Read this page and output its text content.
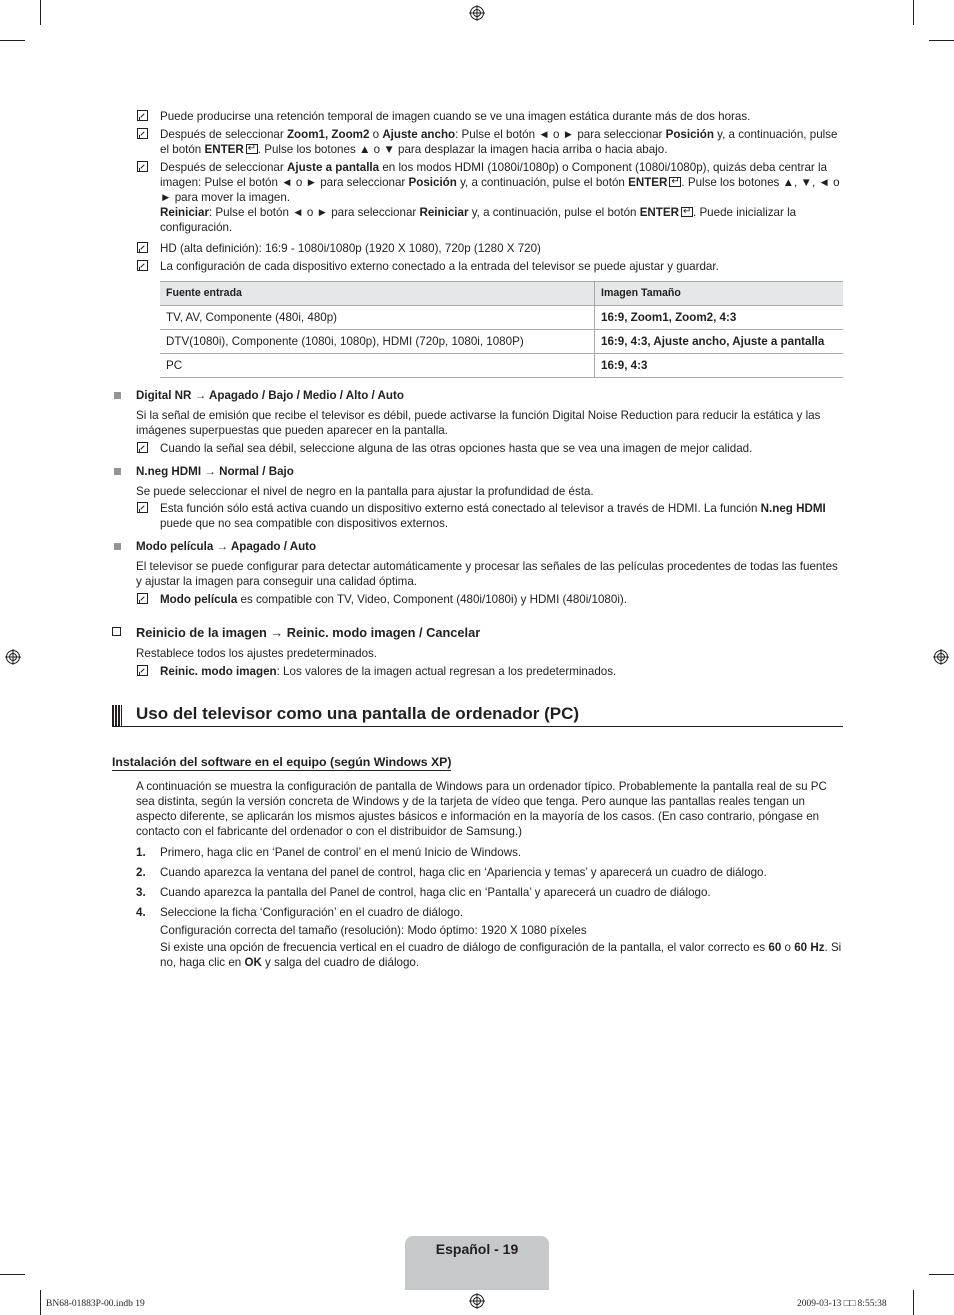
Puede producirse una retención temporal de imagen cuando se ve una imagen estática durante más de dos horas.
Después de seleccionar Zoom1, Zoom2 o Ajuste ancho: Pulse el botón ◄ o ► para seleccionar Posición y, a continuación, pulse el botón ENTER ↵ . Pulse los botones ▲ o ▼ para desplazar la imagen hacia arriba o hacia abajo.
Después de seleccionar Ajuste a pantalla en los modos HDMI (1080i/1080p) o Component (1080i/1080p), quizás deba centrar la imagen: Pulse el botón ◄ o ► para seleccionar Posición y, a continuación, pulse el botón ENTER ↵ . Pulse los botones ▲, ▼, ◄ o ► para mover la imagen.
Reiniciar: Pulse el botón ◄ o ► para seleccionar Reiniciar y, a continuación, pulse el botón ENTER ↵ . Puede inicializar la configuración.
HD (alta definición): 16:9 - 1080i/1080p (1920 X 1080), 720p (1280 X 720)
La configuración de cada dispositivo externo conectado a la entrada del televisor se puede ajustar y guardar.
Fuente entrada	Imagen Tamaño
TV, AV, Componente (480i, 480p)	16:9, Zoom1, Zoom2, 4:3
DTV(1080i), Componente (1080i, 1080p), HDMI (720p, 1080i, 1080P)	16:9, 4:3, Ajuste ancho, Ajuste a pantalla
PC	16:9, 4:3
Digital NR → Apagado / Bajo / Medio / Alto / Auto
Si la señal de emisión que recibe el televisor es débil, puede activarse la función Digital Noise Reduction para reducir la estática y las imágenes superpuestas que pueden aparecer en la pantalla.
Cuando la señal sea débil, seleccione alguna de las otras opciones hasta que se vea una imagen de mejor calidad.
N.neg HDMI → Normal / Bajo
Se puede seleccionar el nivel de negro en la pantalla para ajustar la profundidad de ésta.
Esta función sólo está activa cuando un dispositivo externo está conectado al televisor a través de HDMI. La función N.neg HDMI puede que no sea compatible con dispositivos externos.
Modo película → Apagado / Auto
El televisor se puede configurar para detectar automáticamente y procesar las señales de las películas procedentes de todas las fuentes y ajustar la imagen para conseguir una calidad óptima.
Modo película es compatible con TV, Video, Component (480i/1080i) y HDMI (480i/1080i).
Reinicio de la imagen → Reinic. modo imagen / Cancelar
Restablece todos los ajustes predeterminados.
Reinic. modo imagen: Los valores de la imagen actual regresan a los predeterminados.
Uso del televisor como una pantalla de ordenador (PC)
Instalación del software en el equipo (según Windows XP)
A continuación se muestra la configuración de pantalla de Windows para un ordenador típico. Probablemente la pantalla real de su PC sea distinta, según la versión concreta de Windows y de la tarjeta de vídeo que tenga. Pero aunque las pantallas reales tengan un aspecto diferente, se aplicarán los mismos ajustes básicos e información en la mayoría de los casos. (En caso contrario, póngase en contacto con el fabricante del ordenador o con el distribuidor de Samsung.)
1. Primero, haga clic en ‘Panel de control’ en el menú Inicio de Windows.
2. Cuando aparezca la ventana del panel de control, haga clic en ‘Apariencia y temas’ y aparecerá un cuadro de diálogo.
3. Cuando aparezca la pantalla del Panel de control, haga clic en ‘Pantalla’ y aparecerá un cuadro de diálogo.
4. Seleccione la ficha ‘Configuración’ en el cuadro de diálogo.
Configuración correcta del tamaño (resolución): Modo óptimo: 1920 X 1080 píxeles
Si existe una opción de frecuencia vertical en el cuadro de diálogo de configuración de la pantalla, el valor correcto es 60 o 60 Hz. Si no, haga clic en OK y salga del cuadro de diálogo.
Español - 19
BN68-01883P-00.indb 19	2009-03-13 □□ 8:55:38
